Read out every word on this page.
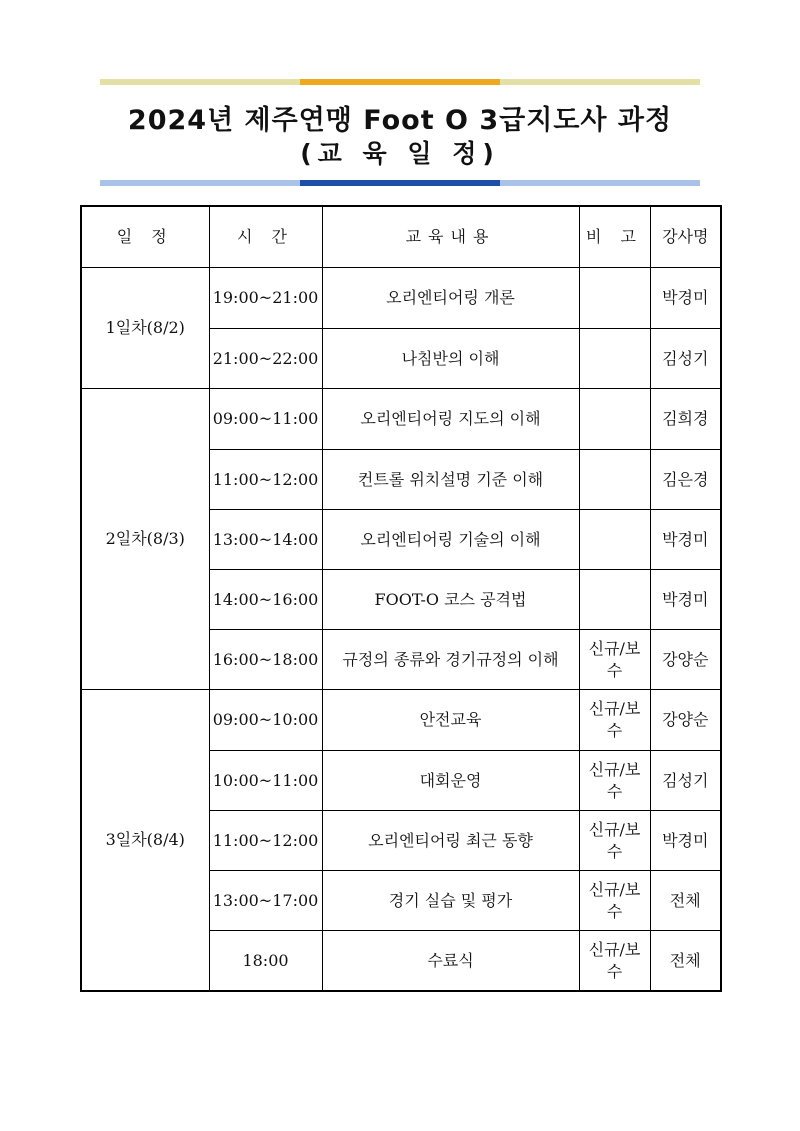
2024년 제주연맹 Foot O 3급지도사 과정
(교 육 일 정)
일 정	시 간	교육내용	비 고	강사명
1일차(8/2)	19:00~21:00	오리엔티어링 개론		박경미
	21:00~22:00	나침반의 이해		김성기
2일차(8/3)	09:00~11:00	오리엔티어링 지도의 이해		김희경
	11:00~12:00	컨트롤 위치설명 기준 이해		김은경
	13:00~14:00	오리엔티어링 기술의 이해		박경미
	14:00~16:00	FOOT-O 코스 공격법		박경미
	16:00~18:00	규정의 종류와 경기규정의 이해	신규/보수	강양순
3일차(8/4)	09:00~10:00	안전교육	신규/보수	강양순
	10:00~11:00	대회운영	신규/보수	김성기
	11:00~12:00	오리엔티어링 최근 동향	신규/보수	박경미
	13:00~17:00	경기 실습 및 평가	신규/보수	전체
	18:00	수료식	신규/보수	전체
